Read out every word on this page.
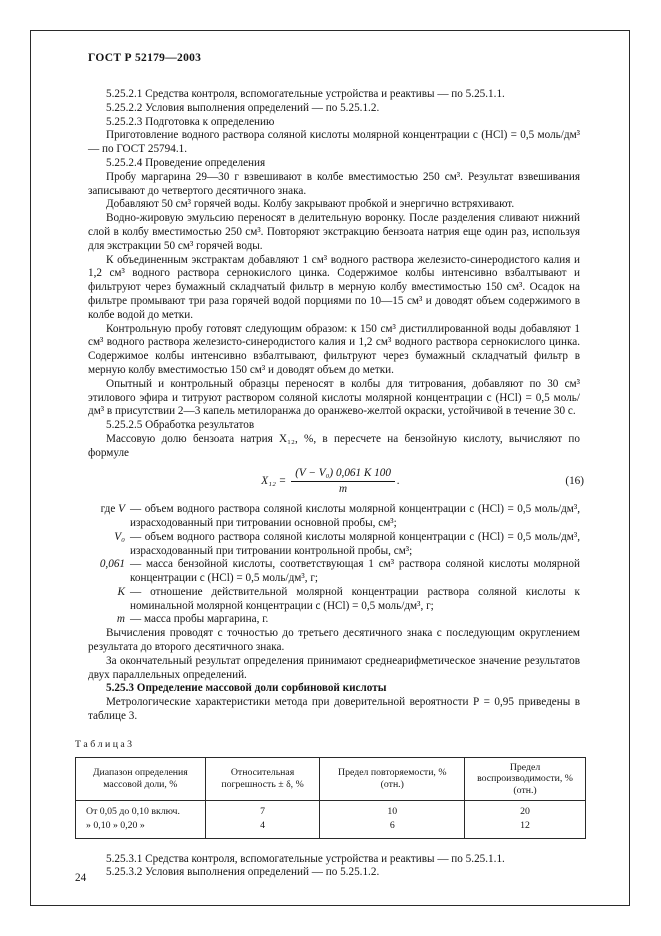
ГОСТ Р 52179—2003

5.25.2.1 Средства контроля, вспомогательные устройства и реактивы — по 5.25.1.1.

5.25.2.2 Условия выполнения определений — по 5.25.1.2.

5.25.2.3 Подготовка к определению

Приготовление водного раствора соляной кислоты молярной концентрации с (HCl) = 0,5 моль/дм³ — по ГОСТ 25794.1.

5.25.2.4 Проведение определения

Пробу маргарина 29—30 г взвешивают в колбе вместимостью 250 см³. Результат взвешивания записывают до четвертого десятичного знака.

Добавляют 50 см³ горячей воды. Колбу закрывают пробкой и энергично встряхивают.

Водно-жировую эмульсию переносят в делительную воронку. После разделения сливают нижний слой в колбу вместимостью 250 см³. Повторяют экстракцию бензоата натрия еще один раз, используя для экстракции 50 см³ горячей воды.

К объединенным экстрактам добавляют 1 см³ водного раствора железисто-синеродистого калия и 1,2 см³ водного раствора сернокислого цинка. Содержимое колбы интенсивно взбалтывают и фильтруют через бумажный складчатый фильтр в мерную колбу вместимостью 150 см³. Осадок на фильтре промывают три раза горячей водой порциями по 10—15 см³ и доводят объем содержимого в колбе водой до метки.

Контрольную пробу готовят следующим образом: к 150 см³ дистиллированной воды добавляют 1 см³ водного раствора железисто-синеродистого калия и 1,2 см³ водного раствора сернокислого цинка. Содержимое колбы интенсивно взбалтывают, фильтруют через бумажный складчатый фильтр в мерную колбу вместимостью 150 см³ и доводят объем до метки.

Опытный и контрольный образцы переносят в колбы для титрования, добавляют по 30 см³ этилового эфира и титруют раствором соляной кислоты молярной концентрации с (HCl) = 0,5 моль/дм³ в присутствии 2—3 капель метилоранжа до оранжево-желтой окраски, устойчивой в течение 30 с.

5.25.2.5 Обработка результатов

Массовую долю бензоата натрия Х₁₂, %, в пересчете на бензойную кислоту, вычисляют по формуле

$X_{12} = \frac{\text{(V − V₀) 0,061 K 100}}{m}$ .	(16)
где V — объем водного раствора соляной кислоты молярной концентрации с (HCl) = 0,5 моль/дм³, израсходованный при титровании основной пробы, см³;
V₀ — объем водного раствора соляной кислоты молярной концентрации с (HCl) = 0,5 моль/дм³, израсходованный при титровании контрольной пробы, см³;
0,061 — масса бензойной кислоты, соответствующая 1 см³ раствора соляной кислоты молярной концентрации с (HCl) = 0,5 моль/дм³, г;
K — отношение действительной молярной концентрации раствора соляной кислоты к номинальной молярной концентрации с (HCl) = 0,5 моль/дм³, г;
m — масса пробы маргарина, г.

Вычисления проводят с точностью до третьего десятичного знака с последующим округлением результата до второго десятичного знака.

За окончательный результат определения принимают среднеарифметическое значение результатов двух параллельных определений.

5.25.3 Определение массовой доли сорбиновой кислоты

Метрологические характеристики метода при доверительной вероятности Р = 0,95 приведены в таблице 3.

Т а б л и ц а 3
Диапазон определения массовой доли, %	Относительная погрешность ± δ, %	Предел повторяемости, % (отн.)	Предел воспроизводимости, % (отн.)
От 0,05 до 0,10 включ.	7	10	20
» 0,10 » 0,20 »	4	6	12

5.25.3.1 Средства контроля, вспомогательные устройства и реактивы — по 5.25.1.1.

5.25.3.2 Условия выполнения определений — по 5.25.1.2.

24
